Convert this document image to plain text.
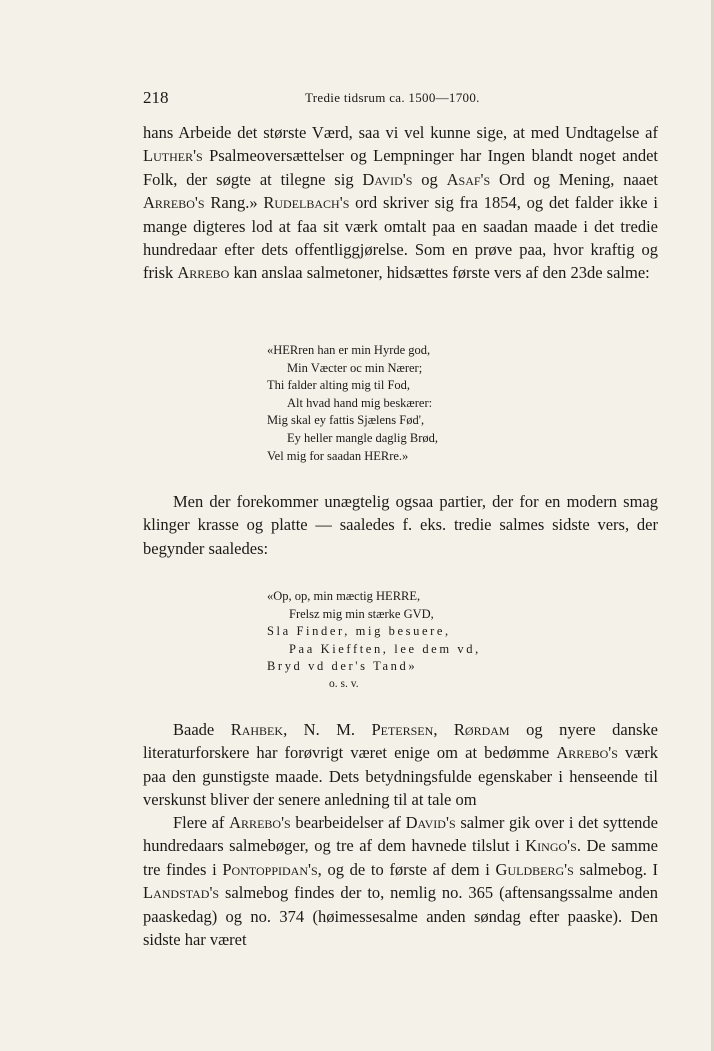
218	Tredie tidsrum ca. 1500—1700.

hans Arbeide det største Værd, saa vi vel kunne sige, at med Undtagelse af Luther's Psalmeoversættelser og Lempninger har Ingen blandt noget andet Folk, der søgte at tilegne sig David's og Asaf's Ord og Mening, naaet Arrebo's Rang.» Rudelbach's ord skriver sig fra 1854, og det falder ikke i mange digteres lod at faa sit værk omtalt paa en saadan maade i det tredie hundredaar efter dets offentliggjørelse. Som en prøve paa, hvor kraftig og frisk Arrebo kan anslaa salmetoner, hidsættes første vers af den 23de salme:

«HERren han er min Hyrde god,
Min Væcter oc min Nærer;
Thi falder alting mig til Fod,
Alt hvad hand mig beskærer:
Mig skal ey fattis Sjælens Fød',
Ey heller mangle daglig Brød,
Vel mig for saadan HERre.»

Men der forekommer unægtelig ogsaa partier, der for en modern smag klinger krasse og platte — saaledes f. eks. tredie salmes sidste vers, der begynder saaledes:

«Op, op, min mæctig HERRE,
Frelsz mig min stærke GVD,
Sla Finder, mig besuere,
Paa Kiefften, lee dem vd,
Bryd vd der's Tand»
o. s. v.

Baade Rahbek, N. M. Petersen, Rørdam og nyere danske literaturforskere har forøvrigt været enige om at bedømme Arrebo's værk paa den gunstigste maade. Dets betydningsfulde egenskaber i henseende til verskunst bliver der senere anledning til at tale om

Flere af Arrebo's bearbeidelser af David's salmer gik over i det syttende hundredaars salmebøger, og tre af dem havnede tilslut i Kingo's. De samme tre findes i Pontoppidan's, og de to første af dem i Guldberg's salmebog. I Landstad's salmebog findes der to, nemlig no. 365 (aftensangssalme anden paaskedag) og no. 374 (høimessesalme anden søndag efter paaske). Den sidste har været
